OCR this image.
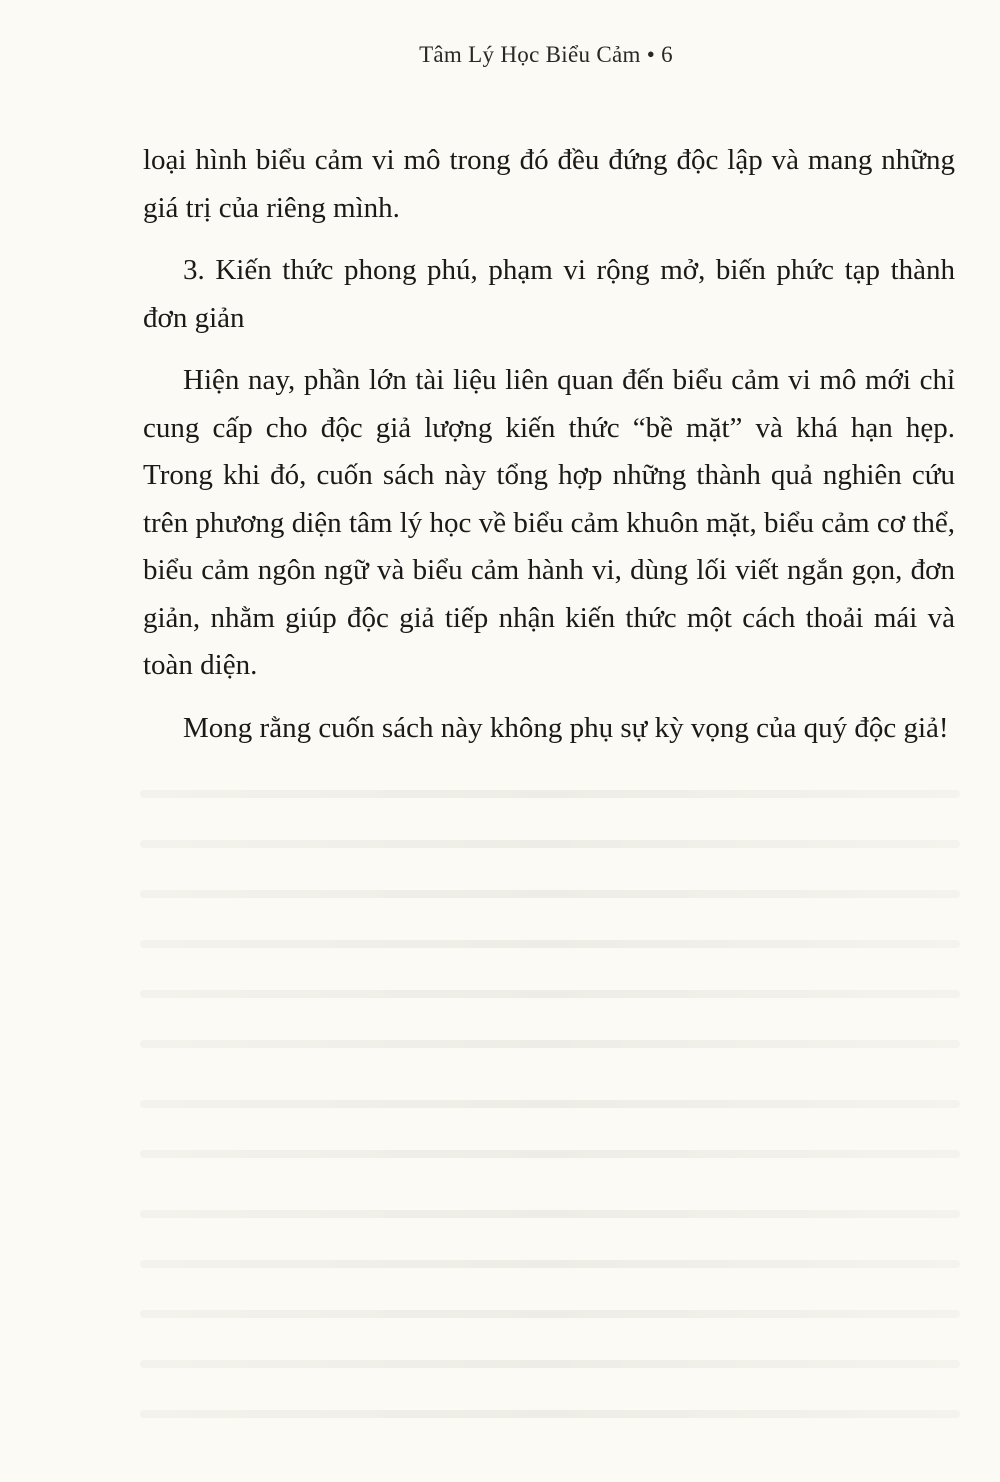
Tâm Lý Học Biểu Cảm • 6

loại hình biểu cảm vi mô trong đó đều đứng độc lập và mang những giá trị của riêng mình.

3. Kiến thức phong phú, phạm vi rộng mở, biến phức tạp thành đơn giản

Hiện nay, phần lớn tài liệu liên quan đến biểu cảm vi mô mới chỉ cung cấp cho độc giả lượng kiến thức “bề mặt” và khá hạn hẹp. Trong khi đó, cuốn sách này tổng hợp những thành quả nghiên cứu trên phương diện tâm lý học về biểu cảm khuôn mặt, biểu cảm cơ thể, biểu cảm ngôn ngữ và biểu cảm hành vi, dùng lối viết ngắn gọn, đơn giản, nhằm giúp độc giả tiếp nhận kiến thức một cách thoải mái và toàn diện.

Mong rằng cuốn sách này không phụ sự kỳ vọng của quý độc giả!
